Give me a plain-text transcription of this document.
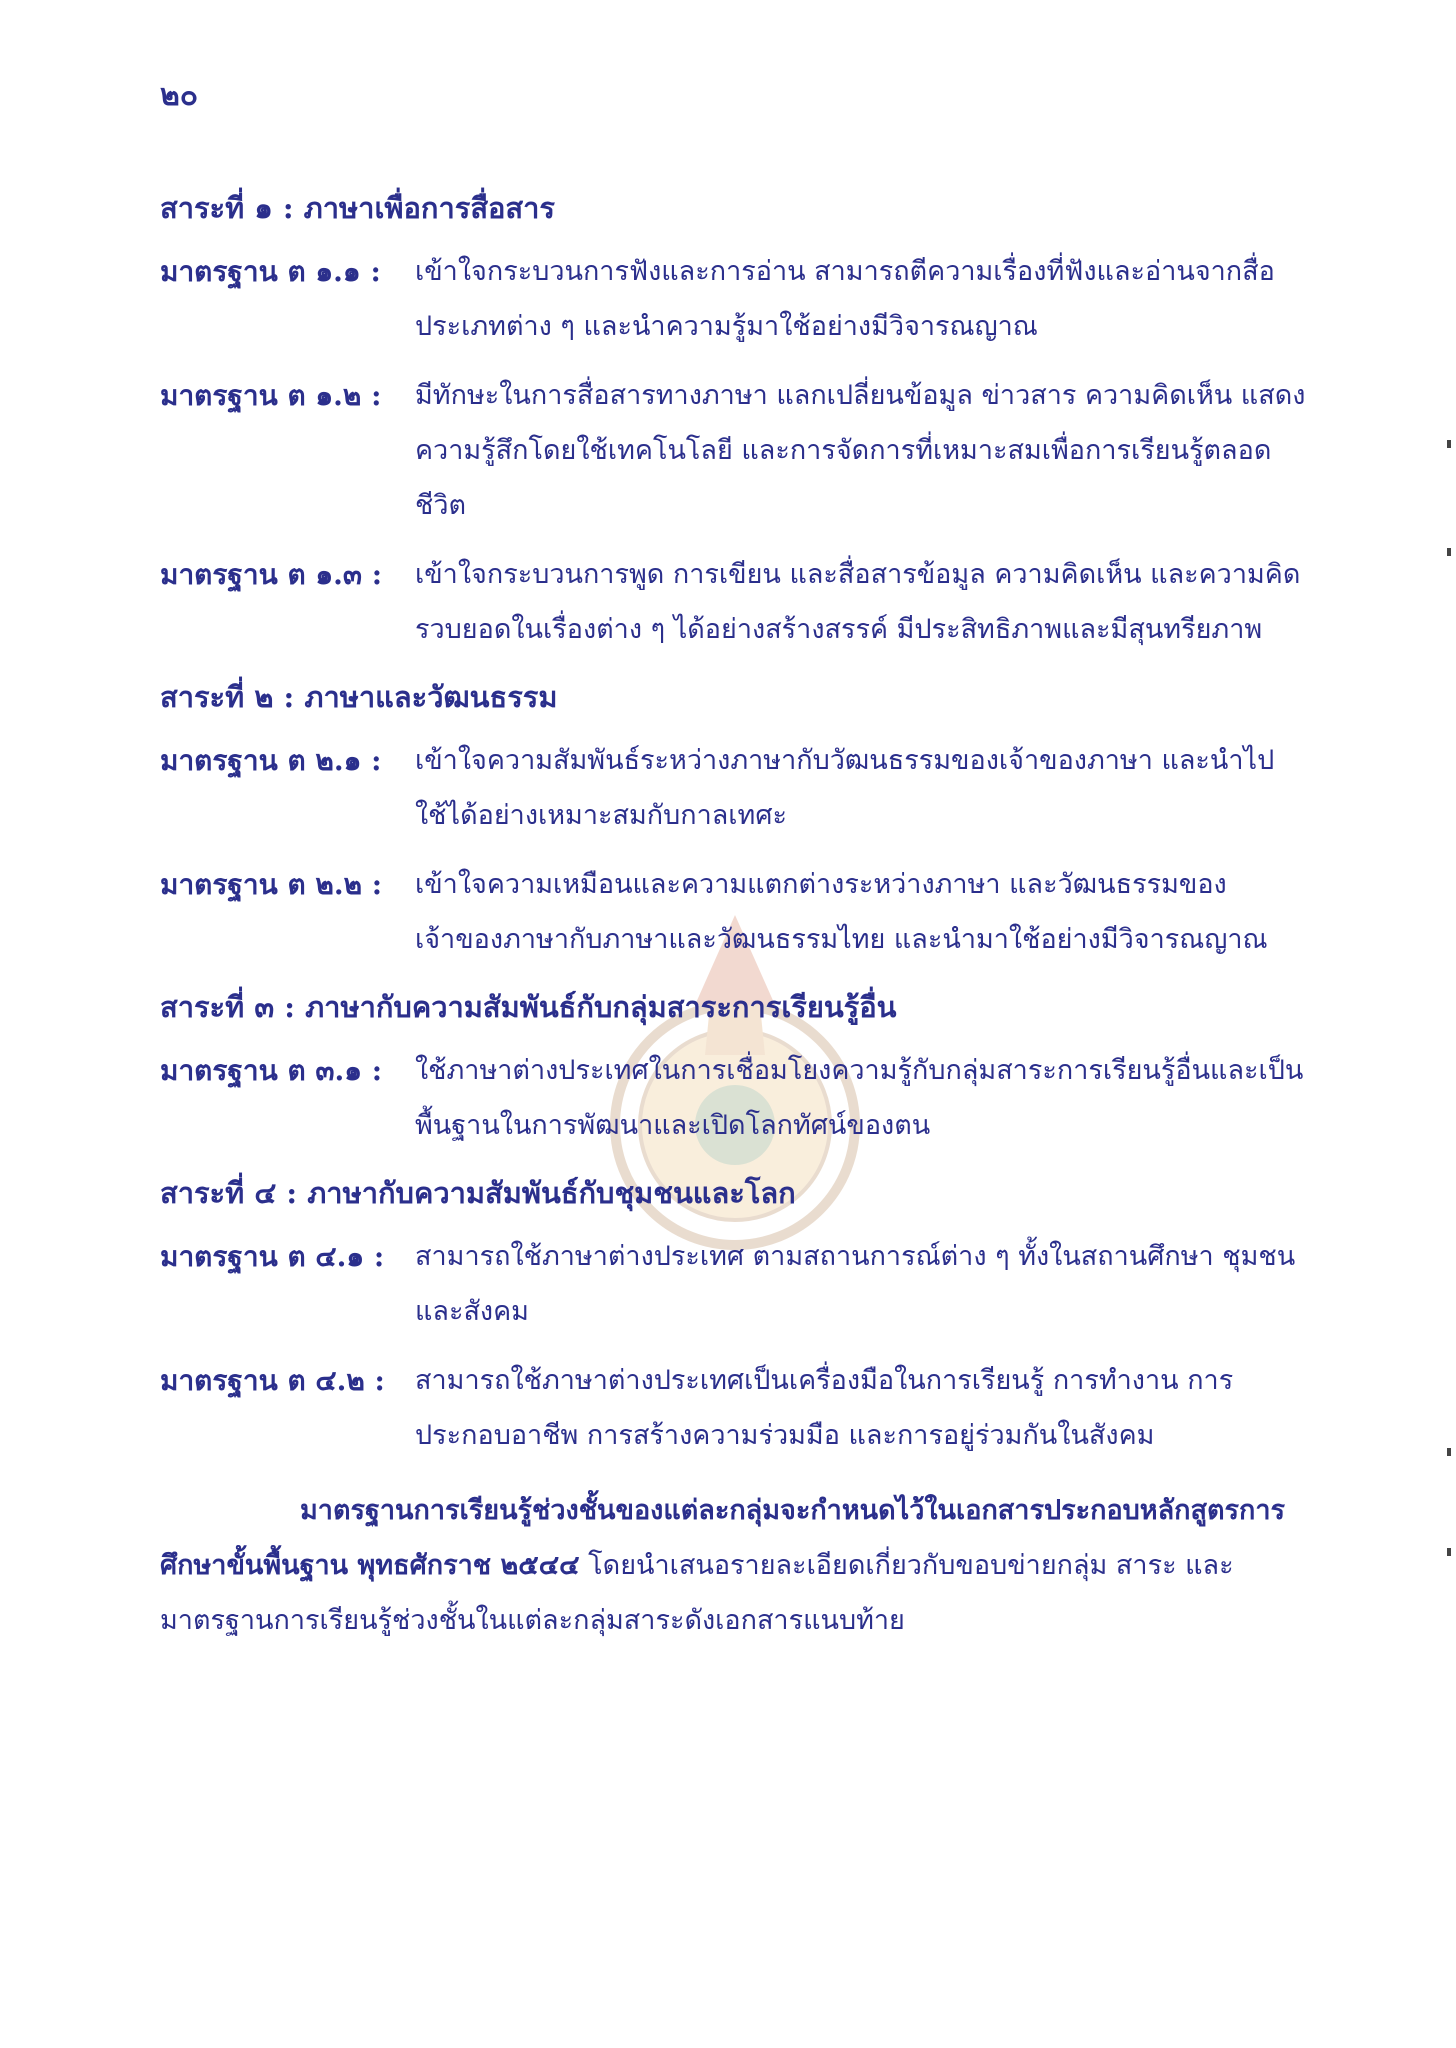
๒๐
สาระที่ ๑ : ภาษาเพื่อการสื่อสาร
มาตรฐาน ต ๑.๑ :	เข้าใจกระบวนการฟังและการอ่าน สามารถตีความเรื่องที่ฟังและอ่านจากสื่อประเภทต่าง ๆ และนำความรู้มาใช้อย่างมีวิจารณญาณ
มาตรฐาน ต ๑.๒ :	มีทักษะในการสื่อสารทางภาษา แลกเปลี่ยนข้อมูล ข่าวสาร ความคิดเห็น แสดงความรู้สึกโดยใช้เทคโนโลยี และการจัดการที่เหมาะสมเพื่อการเรียนรู้ตลอดชีวิต
มาตรฐาน ต ๑.๓ :	เข้าใจกระบวนการพูด การเขียน และสื่อสารข้อมูล ความคิดเห็น และความคิดรวบยอดในเรื่องต่าง ๆ ได้อย่างสร้างสรรค์ มีประสิทธิภาพและมีสุนทรียภาพ
สาระที่ ๒ : ภาษาและวัฒนธรรม
มาตรฐาน ต ๒.๑ :	เข้าใจความสัมพันธ์ระหว่างภาษากับวัฒนธรรมของเจ้าของภาษา และนำไปใช้ได้อย่างเหมาะสมกับกาลเทศะ
มาตรฐาน ต ๒.๒ :	เข้าใจความเหมือนและความแตกต่างระหว่างภาษา และวัฒนธรรมของเจ้าของภาษากับภาษาและวัฒนธรรมไทย และนำมาใช้อย่างมีวิจารณญาณ
สาระที่ ๓ : ภาษากับความสัมพันธ์กับกลุ่มสาระการเรียนรู้อื่น
มาตรฐาน ต ๓.๑ :	ใช้ภาษาต่างประเทศในการเชื่อมโยงความรู้กับกลุ่มสาระการเรียนรู้อื่นและเป็นพื้นฐานในการพัฒนาและเปิดโลกทัศน์ของตน
สาระที่ ๔ : ภาษากับความสัมพันธ์กับชุมชนและโลก
มาตรฐาน ต ๔.๑ :	สามารถใช้ภาษาต่างประเทศ ตามสถานการณ์ต่าง ๆ ทั้งในสถานศึกษา ชุมชนและสังคม
มาตรฐาน ต ๔.๒ :	สามารถใช้ภาษาต่างประเทศเป็นเครื่องมือในการเรียนรู้ การทำงาน การประกอบอาชีพ การสร้างความร่วมมือ และการอยู่ร่วมกันในสังคม
มาตรฐานการเรียนรู้ช่วงชั้นของแต่ละกลุ่มจะกำหนดไว้ในเอกสารประกอบหลักสูตรการศึกษาขั้นพื้นฐาน พุทธศักราช ๒๕๔๔ โดยนำเสนอรายละเอียดเกี่ยวกับขอบข่ายกลุ่ม สาระ และมาตรฐานการเรียนรู้ช่วงชั้นในแต่ละกลุ่มสาระดังเอกสารแนบท้าย
